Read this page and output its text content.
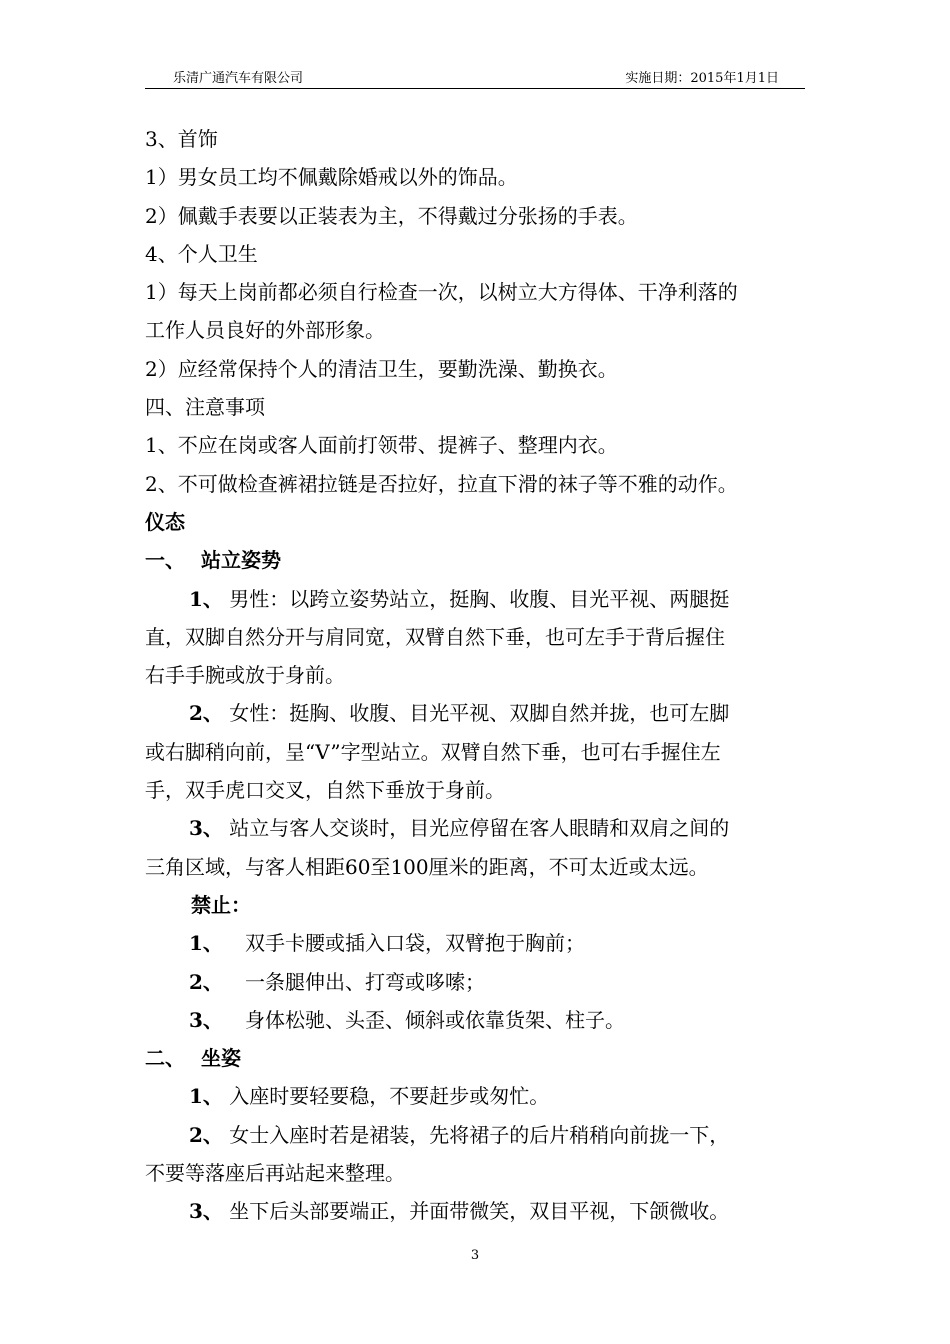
乐清广通汽车有限公司	实施日期：2015年1月1日
3、首饰
1）男女员工均不佩戴除婚戒以外的饰品。
2）佩戴手表要以正装表为主，不得戴过分张扬的手表。
4、个人卫生
1）每天上岗前都必须自行检查一次，以树立大方得体、干净利落的
工作人员良好的外部形象。
2）应经常保持个人的清洁卫生，要勤洗澡、勤换衣。
四、注意事项
1、不应在岗或客人面前打领带、提裤子、整理内衣。
2、不可做检查裤裙拉链是否拉好，拉直下滑的袜子等不雅的动作。
仪态
一、 站立姿势
1、 男性：以跨立姿势站立，挺胸、收腹、目光平视、两腿挺
直，双脚自然分开与肩同宽，双臂自然下垂，也可左手于背后握住
右手手腕或放于身前。
2、 女性：挺胸、收腹、目光平视、双脚自然并拢，也可左脚
或右脚稍向前，呈“V”字型站立。双臂自然下垂，也可右手握住左
手，双手虎口交叉，自然下垂放于身前。
3、 站立与客人交谈时，目光应停留在客人眼睛和双肩之间的
三角区域，与客人相距60至100厘米的距离，不可太近或太远。
禁止：
1、 双手卡腰或插入口袋，双臂抱于胸前；
2、 一条腿伸出、打弯或哆嗦；
3、 身体松驰、头歪、倾斜或依靠货架、柱子。
二、 坐姿
1、 入座时要轻要稳，不要赶步或匆忙。
2、 女士入座时若是裙装，先将裙子的后片稍稍向前拢一下，
不要等落座后再站起来整理。
3、 坐下后头部要端正，并面带微笑，双目平视，下颌微收。
3
